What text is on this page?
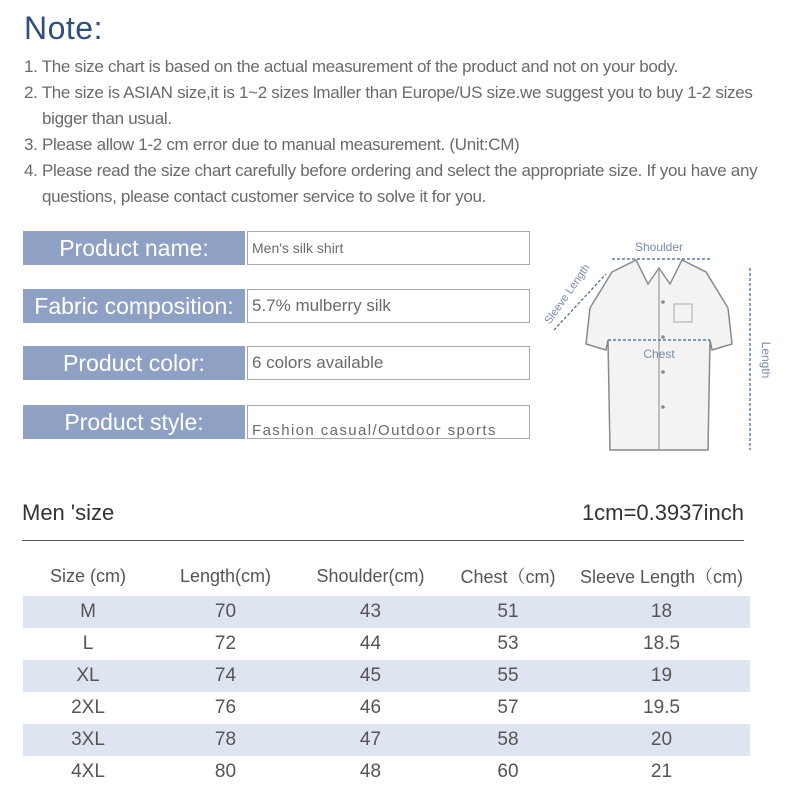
Note:

1. The size chart is based on the actual measurement of the product and not on your body.

2. The size is ASIAN size,it is 1~2 sizes lmaller than Europe/US size.we suggest you to buy 1-2 sizes bigger than usual.

3. Please allow 1-2 cm error due to manual measurement. (Unit:CM)

4. Please read the size chart carefully before ordering and select the appropriate size. If you have any questions, please contact customer service to solve it for you.

Product name:	Men's silk shirt
Fabric composition:	5.7% mulberry silk
Product color:	6 colors available
Product style:	Fashion casual/Outdoor sports
Shoulder
Sleeve Length
Chest	Length
Men 'size	1cm=0.3937inch
Size (cm)	Length(cm)	Shoulder(cm)	Chest（cm)	Sleeve Length（cm)
M	70	43	51	18
L	72	44	53	18.5
XL	74	45	55	19
2XL	76	46	57	19.5
3XL	78	47	58	20
4XL	80	48	60	21
